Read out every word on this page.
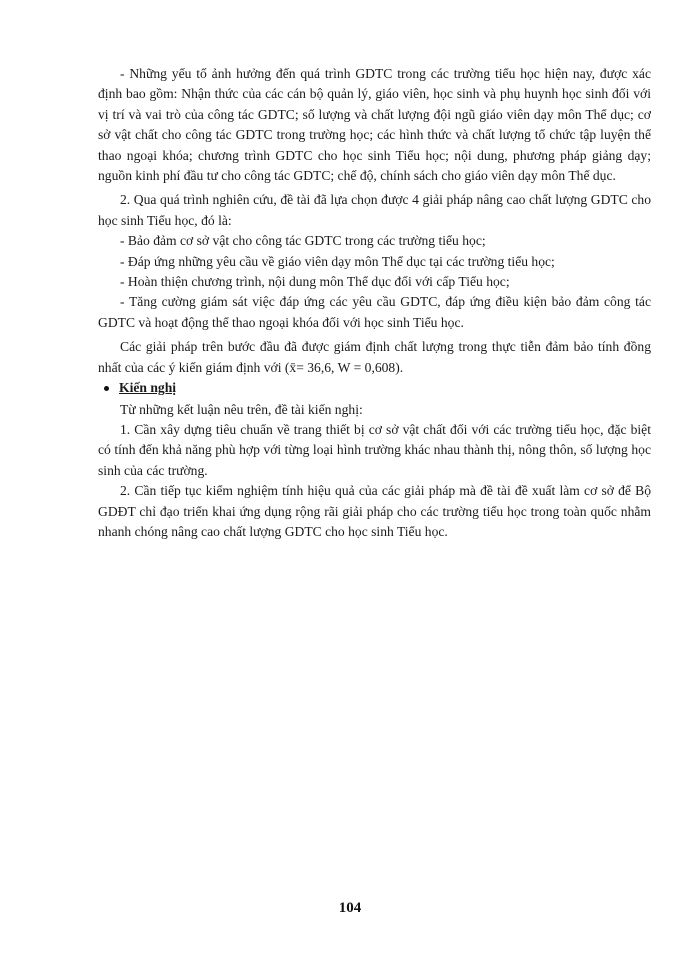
- Những yếu tố ảnh hưởng đến quá trình GDTC trong các trường tiểu học hiện nay, được xác định bao gồm: Nhận thức của các cán bộ quản lý, giáo viên, học sinh và phụ huynh học sinh đối với vị trí và vai trò của công tác GDTC; số lượng và chất lượng đội ngũ giáo viên dạy môn Thể dục; cơ sở vật chất cho công tác GDTC trong trường học; các hình thức và chất lượng tổ chức tập luyện thể thao ngoại khóa; chương trình GDTC cho học sinh Tiểu học; nội dung, phương pháp giảng dạy; nguồn kinh phí đầu tư cho công tác GDTC; chế độ, chính sách cho giáo viên dạy môn Thể dục.

2. Qua quá trình nghiên cứu, đề tài đã lựa chọn được 4 giải pháp nâng cao chất lượng GDTC cho học sinh Tiểu học, đó là:

- Bảo đảm cơ sở vật cho công tác GDTC trong các trường tiểu học;

- Đáp ứng những yêu cầu về giáo viên dạy môn Thể dục tại các trường tiểu học;

- Hoàn thiện chương trình, nội dung môn Thể dục đối với cấp Tiểu học;

- Tăng cường giám sát việc đáp ứng các yêu cầu GDTC, đáp ứng điều kiện bảo đảm công tác GDTC và hoạt động thể thao ngoại khóa đối với học sinh Tiểu học.

Các giải pháp trên bước đầu đã được giám định chất lượng trong thực tiễn đảm bảo tính đồng nhất của các ý kiến giám định với (x̄= 36,6, W = 0,608).

Kiến nghị

Từ những kết luận nêu trên, đề tài kiến nghị:

1. Cần xây dựng tiêu chuẩn về trang thiết bị cơ sở vật chất đối với các trường tiểu học, đặc biệt có tính đến khả năng phù hợp với từng loại hình trường khác nhau thành thị, nông thôn, số lượng học sinh của các trường.

2. Cần tiếp tục kiểm nghiệm tính hiệu quả của các giải pháp mà đề tài đề xuất làm cơ sở để Bộ GDĐT chỉ đạo triển khai ứng dụng rộng rãi giải pháp cho các trường tiểu học trong toàn quốc nhằm nhanh chóng nâng cao chất lượng GDTC cho học sinh Tiểu học.

104
